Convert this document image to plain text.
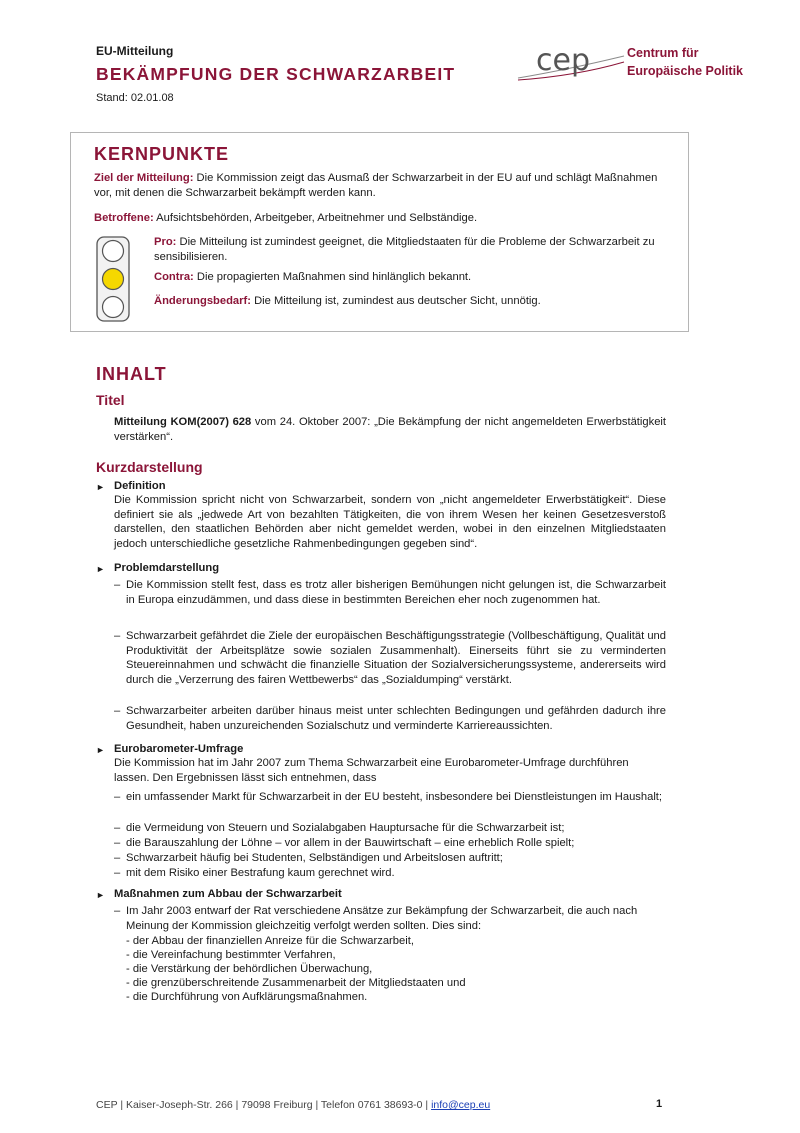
EU-Mitteilung
BEKÄMPFUNG DER SCHWARZARBEIT
Stand: 02.01.08
cep	Centrum für
Europäische Politik
KERNPUNKTE
Ziel der Mitteilung: Die Kommission zeigt das Ausmaß der Schwarzarbeit in der EU auf und schlägt Maßnahmen vor, mit denen die Schwarzarbeit bekämpft werden kann.
Betroffene: Aufsichtsbehörden, Arbeitgeber, Arbeitnehmer und Selbständige.
Pro: Die Mitteilung ist zumindest geeignet, die Mitgliedstaaten für die Probleme der Schwarzarbeit zu sensibilisieren.
Contra: Die propagierten Maßnahmen sind hinlänglich bekannt.
Änderungsbedarf: Die Mitteilung ist, zumindest aus deutscher Sicht, unnötig.
INHALT
Titel
Mitteilung KOM(2007) 628 vom 24. Oktober 2007: „Die Bekämpfung der nicht angemeldeten Erwerbstätigkeit verstärken“.
Kurzdarstellung
► Definition
Die Kommission spricht nicht von Schwarzarbeit, sondern von „nicht angemeldeter Erwerbstätigkeit“. Diese definiert sie als „jedwede Art von bezahlten Tätigkeiten, die von ihrem Wesen her keinen Gesetzesverstoß darstellen, den staatlichen Behörden aber nicht gemeldet werden, wobei in den einzelnen Mitgliedstaaten jedoch unterschiedliche gesetzliche Rahmenbedingungen gegeben sind“.
► Problemdarstellung
– Die Kommission stellt fest, dass es trotz aller bisherigen Bemühungen nicht gelungen ist, die Schwarzarbeit in Europa einzudämmen, und dass diese in bestimmten Bereichen eher noch zugenommen hat.
– Schwarzarbeit gefährdet die Ziele der europäischen Beschäftigungsstrategie (Vollbeschäftigung, Qualität und Produktivität der Arbeitsplätze sowie sozialen Zusammenhalt). Einerseits führt sie zu verminderten Steuereinnahmen und schwächt die finanzielle Situation der Sozialversicherungssysteme, andererseits wird durch die „Verzerrung des fairen Wettbewerbs“ das „Sozialdumping“ verstärkt.
– Schwarzarbeiter arbeiten darüber hinaus meist unter schlechten Bedingungen und gefährden dadurch ihre Gesundheit, haben unzureichenden Sozialschutz und verminderte Karriereaussichten.
► Eurobarometer-Umfrage
Die Kommission hat im Jahr 2007 zum Thema Schwarzarbeit eine Eurobarometer-Umfrage durchführen lassen. Den Ergebnissen lässt sich entnehmen, dass
– ein umfassender Markt für Schwarzarbeit in der EU besteht, insbesondere bei Dienstleistungen im Haushalt;
– die Vermeidung von Steuern und Sozialabgaben Hauptursache für die Schwarzarbeit ist;
– die Barauszahlung der Löhne – vor allem in der Bauwirtschaft – eine erheblich Rolle spielt;
– Schwarzarbeit häufig bei Studenten, Selbständigen und Arbeitslosen auftritt;
– mit dem Risiko einer Bestrafung kaum gerechnet wird.
► Maßnahmen zum Abbau der Schwarzarbeit
– Im Jahr 2003 entwarf der Rat verschiedene Ansätze zur Bekämpfung der Schwarzarbeit, die auch nach Meinung der Kommission gleichzeitig verfolgt werden sollten. Dies sind:
- der Abbau der finanziellen Anreize für die Schwarzarbeit,
- die Vereinfachung bestimmter Verfahren,
- die Verstärkung der behördlichen Überwachung,
- die grenzüberschreitende Zusammenarbeit der Mitgliedstaaten und
- die Durchführung von Aufklärungsmaßnahmen.
CEP | Kaiser-Joseph-Str. 266 | 79098 Freiburg | Telefon 0761 38693-0 | info@cep.eu	1
